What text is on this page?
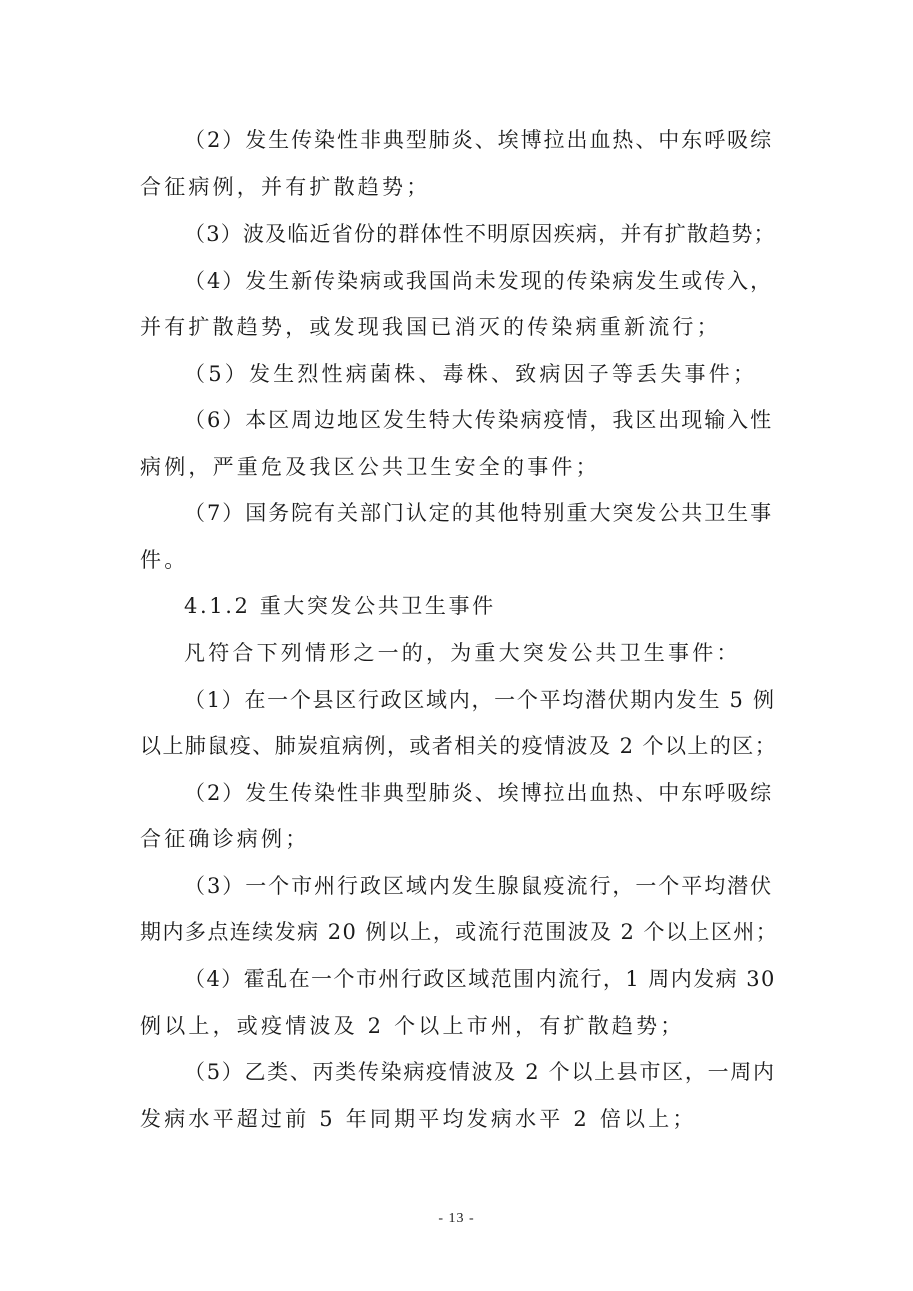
（2）发生传染性非典型肺炎、埃博拉出血热、中东呼吸综
合征病例，并有扩散趋势；
（3）波及临近省份的群体性不明原因疾病，并有扩散趋势；
（4）发生新传染病或我国尚未发现的传染病发生或传入，
并有扩散趋势，或发现我国已消灭的传染病重新流行；
（5）发生烈性病菌株、毒株、致病因子等丢失事件；
（6）本区周边地区发生特大传染病疫情，我区出现输入性
病例，严重危及我区公共卫生安全的事件；
（7）国务院有关部门认定的其他特别重大突发公共卫生事
件。
4.1.2 重大突发公共卫生事件
凡符合下列情形之一的，为重大突发公共卫生事件：
（1）在一个县区行政区域内，一个平均潜伏期内发生 5 例
以上肺鼠疫、肺炭疽病例，或者相关的疫情波及 2 个以上的区；
（2）发生传染性非典型肺炎、埃博拉出血热、中东呼吸综
合征确诊病例；
（3）一个市州行政区域内发生腺鼠疫流行，一个平均潜伏
期内多点连续发病 20 例以上，或流行范围波及 2 个以上区州；
（4）霍乱在一个市州行政区域范围内流行，1 周内发病 30
例以上，或疫情波及 2 个以上市州，有扩散趋势；
（5）乙类、丙类传染病疫情波及 2 个以上县市区，一周内
发病水平超过前 5 年同期平均发病水平 2 倍以上；
- 13 -
